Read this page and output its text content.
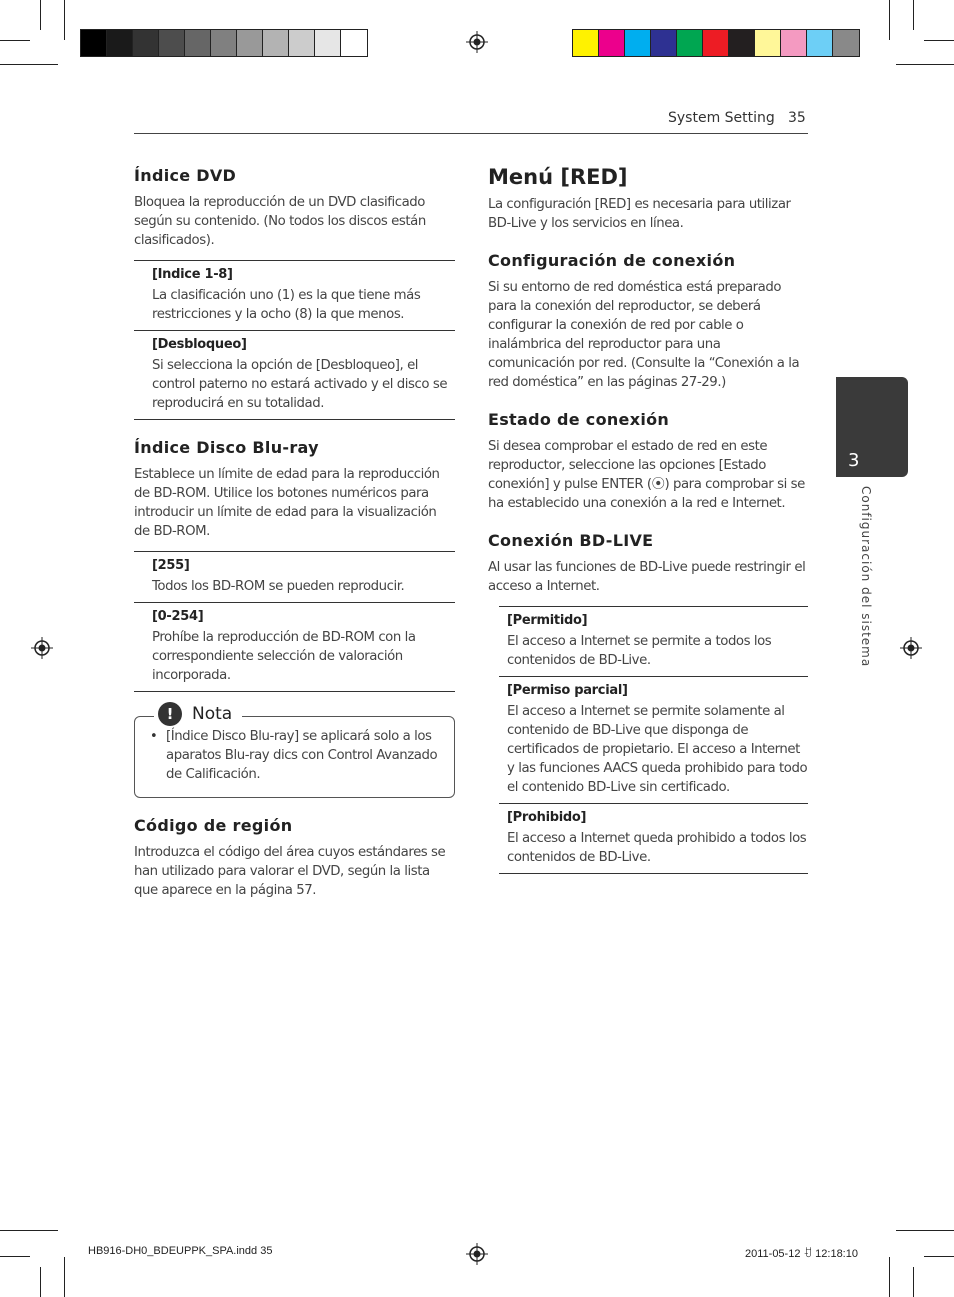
System Setting 35
3
Configuración del sistema
Índice DVD

Bloquea la reproducción de un DVD clasificado según su contenido. (No todos los discos están clasificados).

[Indice 1-8]
La clasificación uno (1) es la que tiene más restricciones y la ocho (8) la que menos.
[Desbloqueo]
Si selecciona la opción de [Desbloqueo], el control paterno no estará activado y el disco se reproducirá en su totalidad.
Índice Disco Blu-ray

Establece un límite de edad para la reproducción de BD-ROM. Utilice los botones numéricos para introducir un límite de edad para la visualización de BD-ROM.

[255]
Todos los BD-ROM se pueden reproducir.
[0-254]
Prohíbe la reproducción de BD-ROM con la correspondiente selección de valoración incorporada.
!	Nota
• [Índice Disco Blu-ray] se aplicará solo a los aparatos Blu-ray dics con Control Avanzado de Calificación.

Código de región

Introduzca el código del área cuyos estándares se han utilizado para valorar el DVD, según la lista que aparece en la página 57.

Menú [RED]

La configuración [RED] es necesaria para utilizar BD-Live y los servicios en línea.

Configuración de conexión

Si su entorno de red doméstica está preparado para la conexión del reproductor, se deberá configurar la conexión de red por cable o inalámbrica del reproductor para una comunicación por red. (Consulte la “Conexión a la red doméstica” en las páginas 27-29.)

Estado de conexión

Si desea comprobar el estado de red en este reproductor, seleccione las opciones [Estado conexión] y pulse ENTER (⦿) para comprobar si se ha establecido una conexión a la red e Internet.

Conexión BD-LIVE

Al usar las funciones de BD-Live puede restringir el acceso a Internet.

[Permitido]
El acceso a Internet se permite a todos los contenidos de BD-Live.
[Permiso parcial]
El acceso a Internet se permite solamente al contenido de BD-Live que disponga de certificados de propietario. El acceso a Internet y las funciones AACS queda prohibido para todo el contenido BD-Live sin certificado.
[Prohibido]
El acceso a Internet queda prohibido a todos los contenidos de BD-Live.
HB916-DH0_BDEUPPK_SPA.indd 35	2011-05-12 ꀀ 12:18:10
